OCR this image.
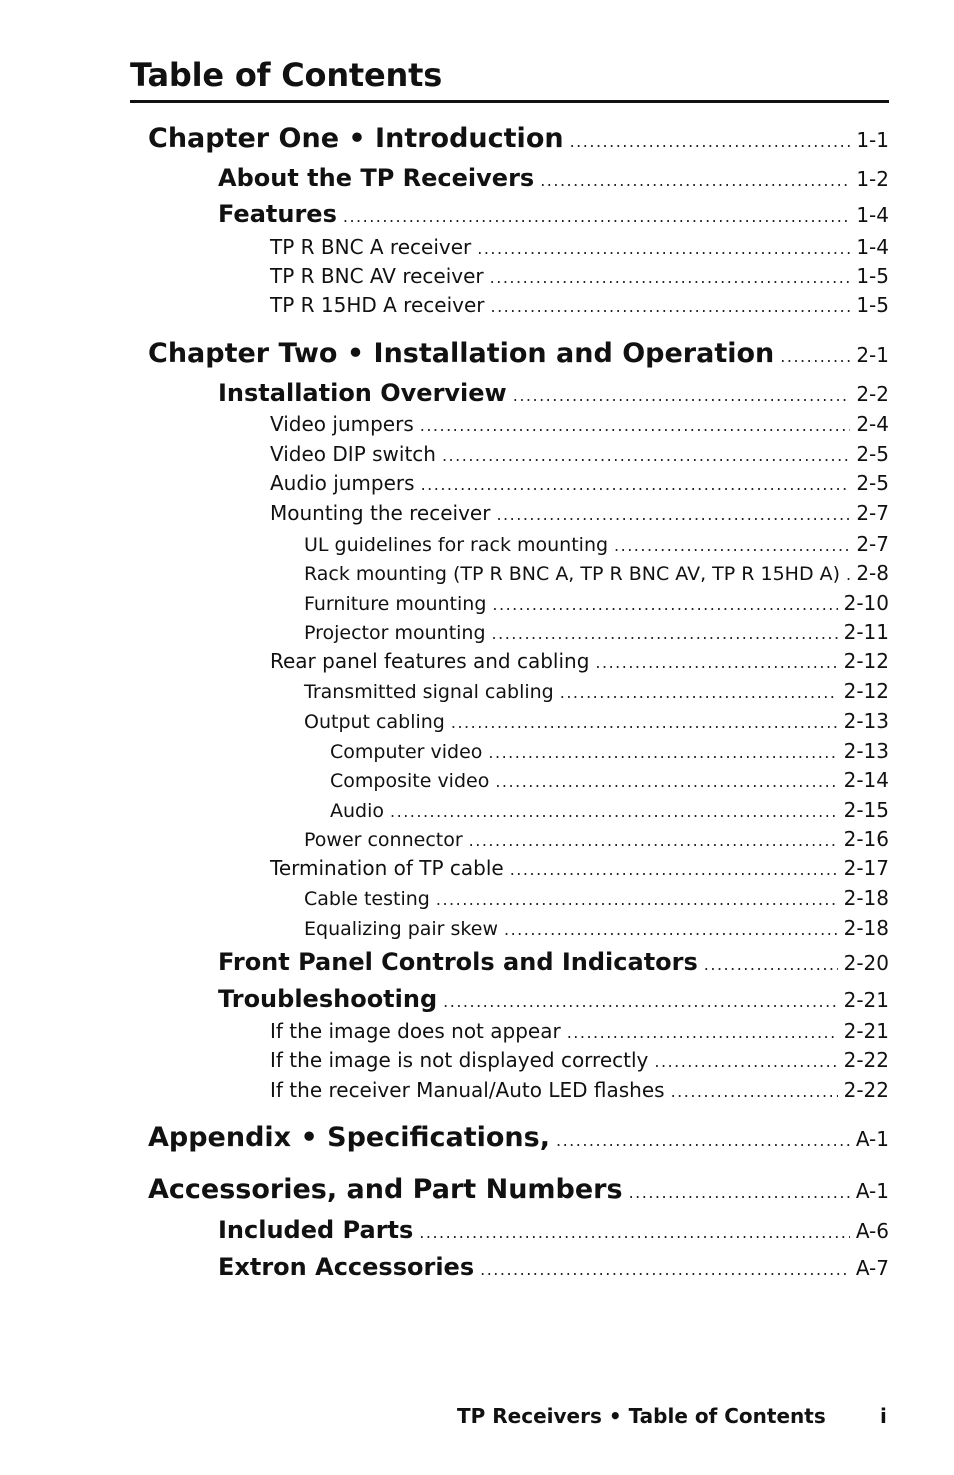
Table of Contents
Chapter One • Introduction .....	1-1
About the TP Receivers .....	1-2
Features .....	1-4
TP R BNC A receiver .....	1-4
TP R BNC AV receiver .....	1-5
TP R 15HD A receiver .....	1-5
Chapter Two • Installation and Operation .....	2-1
Installation Overview .....	2-2
Video jumpers .....	2-4
Video DIP switch .....	2-5
Audio jumpers .....	2-5
Mounting the receiver .....	2-7
UL guidelines for rack mounting .....	2-7
Rack mounting (TP R BNC A, TP R BNC AV, TP R 15HD A) ..... 2-8
Furniture mounting .....	2-10
Projector mounting .....	2-11
Rear panel features and cabling .....	2-12
Transmitted signal cabling .....	2-12
Output cabling .....	2-13
Computer video .....	2-13
Composite video .....	2-14
Audio .....	2-15
Power connector .....	2-16
Termination of TP cable .....	2-17
Cable testing .....	2-18
Equalizing pair skew .....	2-18
Front Panel Controls and Indicators .....	2-20
Troubleshooting .....	2-21
If the image does not appear .....	2-21
If the image is not displayed correctly .....	2-22
If the receiver Manual/Auto LED flashes .....	2-22
Appendix • Specifications, .....	A-1
Accessories, and Part Numbers .....	A-1
Included Parts .....	A-6
Extron Accessories .....	A-7
TP Receivers • Table of Contents	i
